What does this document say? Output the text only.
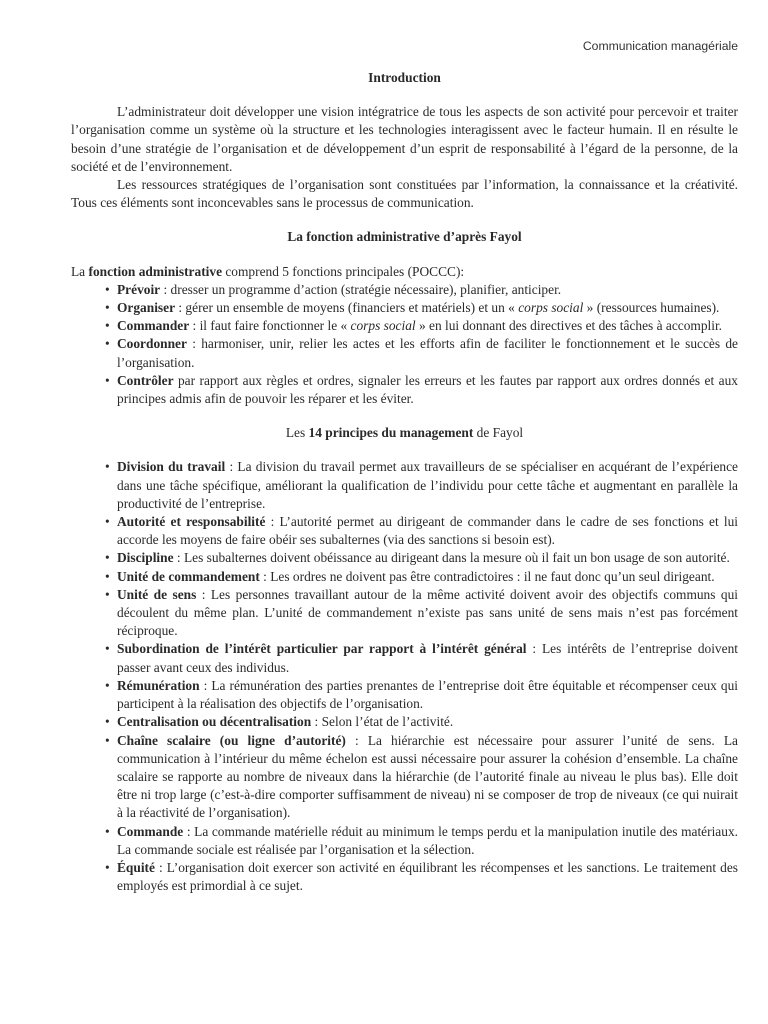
Communication managériale

Introduction

L’administrateur doit développer une vision intégratrice de tous les aspects de son activité pour percevoir et traiter l’organisation comme un système où la structure et les technologies interagissent avec le facteur humain. Il en résulte le besoin d’une stratégie de l’organisation et de développement d’un esprit de responsabilité à l’égard de la personne, de la société et de l’environnement.

Les ressources stratégiques de l’organisation sont constituées par l’information, la connaissance et la créativité. Tous ces éléments sont inconcevables sans le processus de communication.

La fonction administrative d’après Fayol

La fonction administrative comprend 5 fonctions principales (POCCC):

• Prévoir : dresser un programme d’action (stratégie nécessaire), planifier, anticiper.
• Organiser : gérer un ensemble de moyens (financiers et matériels) et un « corps social » (ressources humaines).
• Commander : il faut faire fonctionner le « corps social » en lui donnant des directives et des tâches à accomplir.
• Coordonner : harmoniser, unir, relier les actes et les efforts afin de faciliter le fonctionnement et le succès de l’organisation.
• Contrôler par rapport aux règles et ordres, signaler les erreurs et les fautes par rapport aux ordres donnés et aux principes admis afin de pouvoir les réparer et les éviter.

Les 14 principes du management de Fayol

• Division du travail : La division du travail permet aux travailleurs de se spécialiser en acquérant de l’expérience dans une tâche spécifique, améliorant la qualification de l’individu pour cette tâche et augmentant en parallèle la productivité de l’entreprise.
• Autorité et responsabilité : L’autorité permet au dirigeant de commander dans le cadre de ses fonctions et lui accorde les moyens de faire obéir ses subalternes (via des sanctions si besoin est).
• Discipline : Les subalternes doivent obéissance au dirigeant dans la mesure où il fait un bon usage de son autorité.
• Unité de commandement : Les ordres ne doivent pas être contradictoires : il ne faut donc qu’un seul dirigeant.
• Unité de sens : Les personnes travaillant autour de la même activité doivent avoir des objectifs communs qui découlent du même plan. L’unité de commandement n’existe pas sans unité de sens mais n’est pas forcément réciproque.
• Subordination de l’intérêt particulier par rapport à l’intérêt général : Les intérêts de l’entreprise doivent passer avant ceux des individus.
• Rémunération : La rémunération des parties prenantes de l’entreprise doit être équitable et récompenser ceux qui participent à la réalisation des objectifs de l’organisation.
• Centralisation ou décentralisation : Selon l’état de l’activité.
• Chaîne scalaire (ou ligne d’autorité) : La hiérarchie est nécessaire pour assurer l’unité de sens. La communication à l’intérieur du même échelon est aussi nécessaire pour assurer la cohésion d’ensemble. La chaîne scalaire se rapporte au nombre de niveaux dans la hiérarchie (de l’autorité finale au niveau le plus bas). Elle doit être ni trop large (c’est-à-dire comporter suffisamment de niveau) ni se composer de trop de niveaux (ce qui nuirait à la réactivité de l’organisation).
• Commande : La commande matérielle réduit au minimum le temps perdu et la manipulation inutile des matériaux. La commande sociale est réalisée par l’organisation et la sélection.
• Équité : L’organisation doit exercer son activité en équilibrant les récompenses et les sanctions. Le traitement des employés est primordial à ce sujet.
